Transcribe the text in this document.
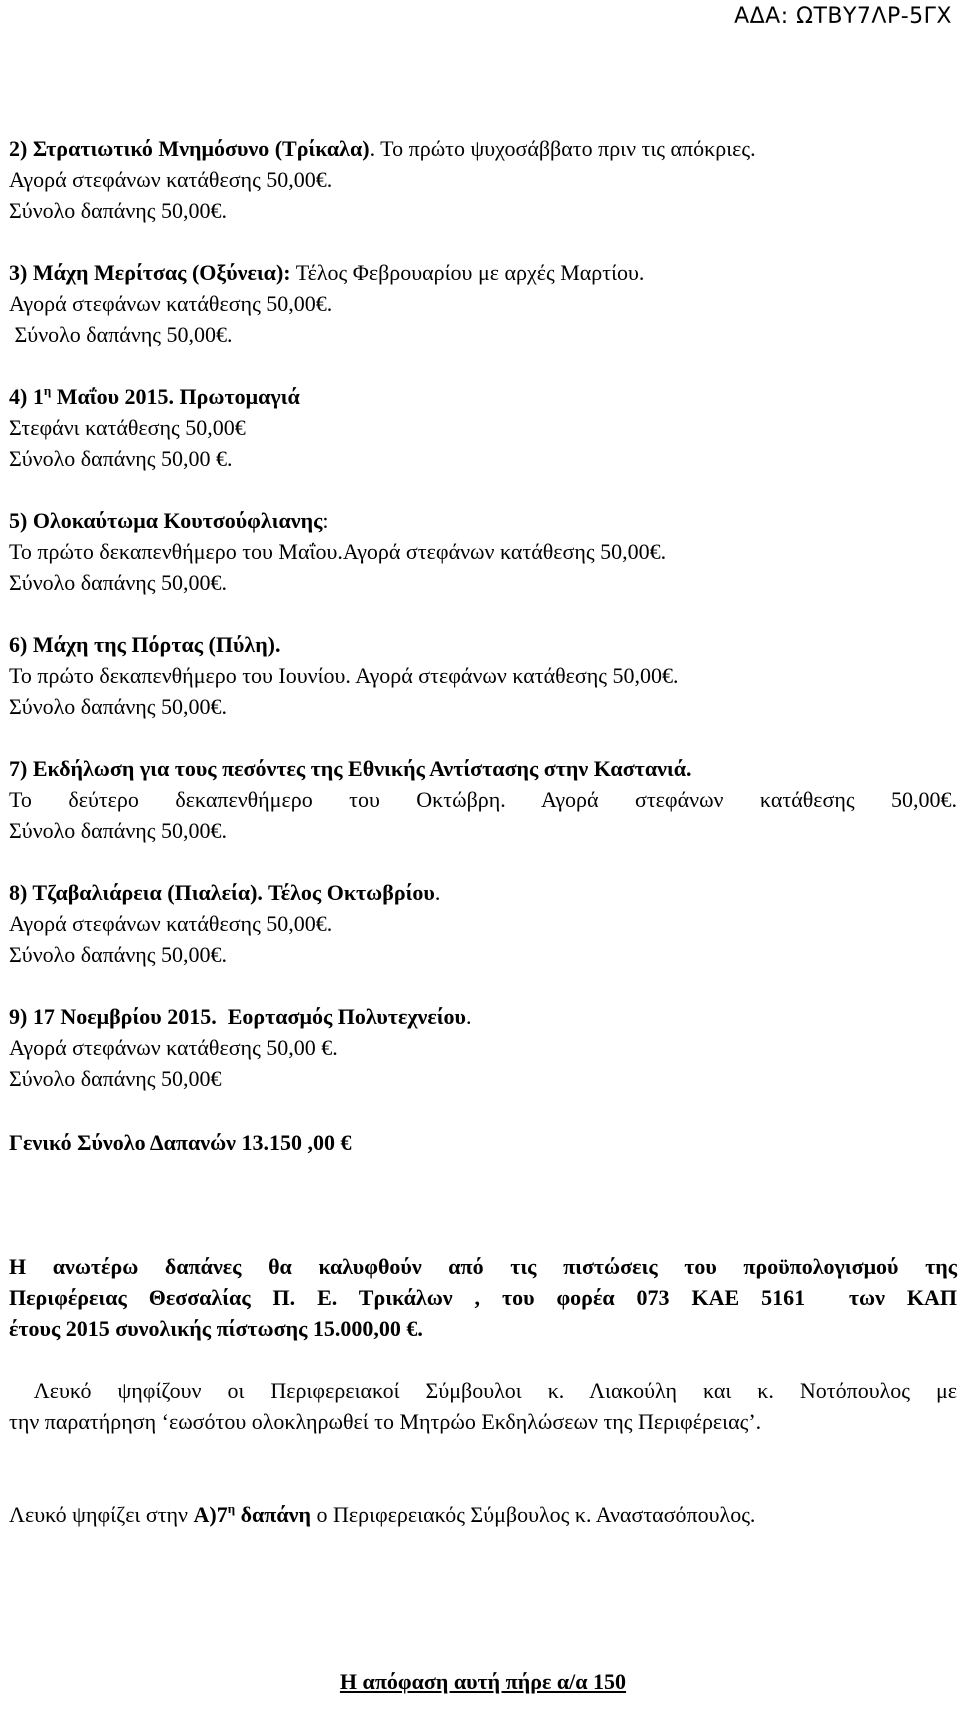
ΑΔΑ: ΩΤΒΥ7ΛΡ-5ΓΧ
2) Στρατιωτικό Μνημόσυνο (Τρίκαλα). Το πρώτο ψυχοσάββατο πριν τις απόκριες.
Αγορά στεφάνων κατάθεσης 50,00€.
Σύνολο δαπάνης 50,00€.
3) Μάχη Μερίτσας (Οξύνεια): Τέλος Φεβρουαρίου με αρχές Μαρτίου.
Αγορά στεφάνων κατάθεσης 50,00€.
Σύνολο δαπάνης 50,00€.
4) $1^\eta$ Μαΐου 2015. Πρωτομαγιά
Στεφάνι κατάθεσης 50,00€
Σύνολο δαπάνης 50,00 €.
5) Ολοκαύτωμα Κουτσούφλιανης:
Το πρώτο δεκαπενθήμερο του Μαΐου.Αγορά στεφάνων κατάθεσης 50,00€.
Σύνολο δαπάνης 50,00€.
6) Μάχη της Πόρτας (Πύλη).
Το πρώτο δεκαπενθήμερο του Ιουνίου. Αγορά στεφάνων κατάθεσης 50,00€.
Σύνολο δαπάνης 50,00€.
7) Εκδήλωση για τους πεσόντες της Εθνικής Αντίστασης στην Καστανιά.
Το δεύτερο δεκαπενθήμερο του Οκτώβρη. Αγορά στεφάνων κατάθεσης 50,00€.
Σύνολο δαπάνης 50,00€.
8) Τζαβαλιάρεια (Πιαλεία). Τέλος Οκτωβρίου.
Αγορά στεφάνων κατάθεσης 50,00€.
Σύνολο δαπάνης 50,00€.
9) 17 Νοεμβρίου 2015.  Εορτασμός Πολυτεχνείου.
Αγορά στεφάνων κατάθεσης 50,00 €.
Σύνολο δαπάνης 50,00€
Γενικό Σύνολο Δαπανών 13.150 ,00 €
Η ανωτέρω δαπάνες θα καλυφθούν από τις πιστώσεις του προϋπολογισμού της
Περιφέρειας Θεσσαλίας Π. Ε. Τρικάλων , του φορέα 073 ΚΑΕ 5161  των ΚΑΠ
έτους 2015 συνολικής πίστωσης 15.000,00 €.
Λευκό ψηφίζουν οι Περιφερειακοί Σύμβουλοι κ. Λιακούλη και κ. Νοτόπουλος με
την παρατήρηση ‘εωσότου ολοκληρωθεί το Μητρώο Εκδηλώσεων της Περιφέρειας’.
Λευκό ψηφίζει στην $A)7^\eta$ δαπάνη ο Περιφερειακός Σύμβουλος κ. Αναστασόπουλος.
Η απόφαση αυτή πήρε α/α 150
